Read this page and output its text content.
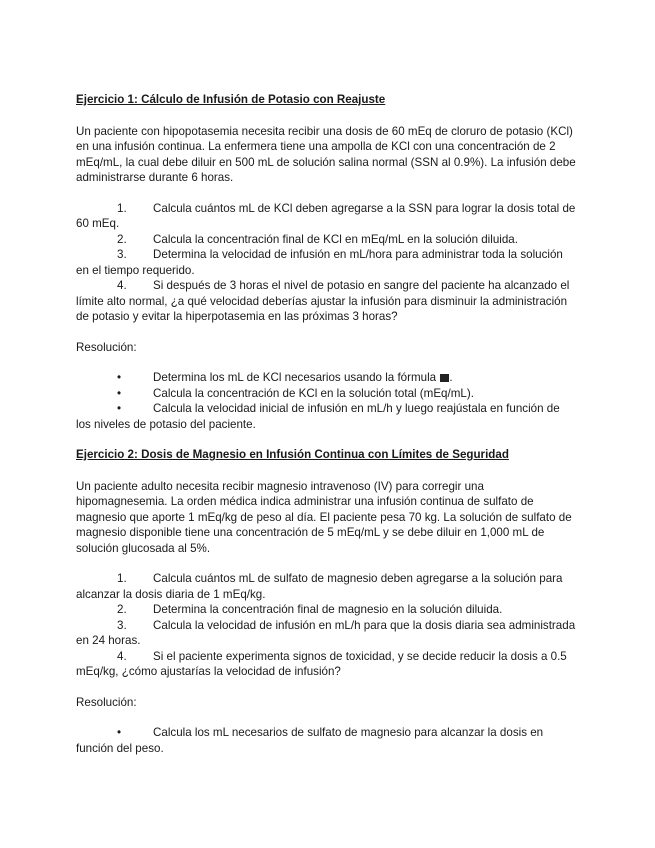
Ejercicio 1: Cálculo de Infusión de Potasio con Reajuste

Un paciente con hipopotasemia necesita recibir una dosis de 60 mEq de cloruro de potasio (KCl) en una infusión continua. La enfermera tiene una ampolla de KCl con una concentración de 2 mEq/mL, la cual debe diluir en 500 mL de solución salina normal (SSN al 0.9%). La infusión debe administrarse durante 6 horas.

1. Calcula cuántos mL de KCl deben agregarse a la SSN para lograr la dosis total de 60 mEq.

2. Calcula la concentración final de KCl en mEq/mL en la solución diluida.

3. Determina la velocidad de infusión en mL/hora para administrar toda la solución en el tiempo requerido.

4. Si después de 3 horas el nivel de potasio en sangre del paciente ha alcanzado el límite alto normal, ¿a qué velocidad deberías ajustar la infusión para disminuir la administración de potasio y evitar la hiperpotasemia en las próximas 3 horas?

Resolución:

•	Determina los mL de KCl necesarios usando la fórmula .

•	Calcula la concentración de KCl en la solución total (mEq/mL).

•	Calcula la velocidad inicial de infusión en mL/h y luego reajústala en función de los niveles de potasio del paciente.

Ejercicio 2: Dosis de Magnesio en Infusión Continua con Límites de Seguridad

Un paciente adulto necesita recibir magnesio intravenoso (IV) para corregir una hipomagnesemia. La orden médica indica administrar una infusión continua de sulfato de magnesio que aporte 1 mEq/kg de peso al día. El paciente pesa 70 kg. La solución de sulfato de magnesio disponible tiene una concentración de 5 mEq/mL y se debe diluir en 1,000 mL de solución glucosada al 5%.

1. Calcula cuántos mL de sulfato de magnesio deben agregarse a la solución para alcanzar la dosis diaria de 1 mEq/kg.

2. Determina la concentración final de magnesio en la solución diluida.

3. Calcula la velocidad de infusión en mL/h para que la dosis diaria sea administrada en 24 horas.

4. Si el paciente experimenta signos de toxicidad, y se decide reducir la dosis a 0.5 mEq/kg, ¿cómo ajustarías la velocidad de infusión?

Resolución:

•	Calcula los mL necesarios de sulfato de magnesio para alcanzar la dosis en función del peso.
